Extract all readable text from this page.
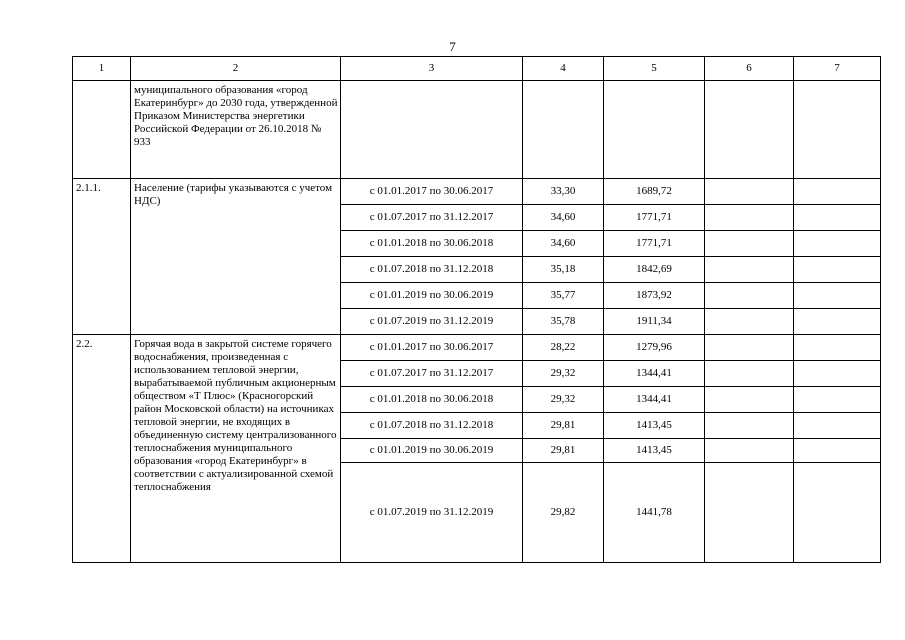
7
1	2	3	4	5	6	7
	муниципального образования «город Екатеринбург» до 2030 года, утвержденной Приказом Министерства энергетики Российской Федерации от 26.10.2018 № 933					
2.1.1.	Население (тарифы указываются с учетом НДС)	с 01.01.2017 по 30.06.2017	33,30	1689,72		
		с 01.07.2017 по 31.12.2017	34,60	1771,71		
		с 01.01.2018 по 30.06.2018	34,60	1771,71		
		с 01.07.2018 по 31.12.2018	35,18	1842,69		
		с 01.01.2019 по 30.06.2019	35,77	1873,92		
		с 01.07.2019 по 31.12.2019	35,78	1911,34		
2.2.	Горячая вода в закрытой системе горячего водоснабжения, произведенная с использованием тепловой энергии, вырабатываемой публичным акционерным обществом «Т Плюс» (Красногорский район Московской области) на источниках тепловой энергии, не входящих в объединенную систему централизованного теплоснабжения муниципального образования «город Екатеринбург» в соответствии с актуализированной схемой теплоснабжения	с 01.01.2017 по 30.06.2017	28,22	1279,96		
		с 01.07.2017 по 31.12.2017	29,32	1344,41		
		с 01.01.2018 по 30.06.2018	29,32	1344,41		
		с 01.07.2018 по 31.12.2018	29,81	1413,45		
		с 01.01.2019 по 30.06.2019	29,81	1413,45		
		с 01.07.2019 по 31.12.2019	29,82	1441,78		
